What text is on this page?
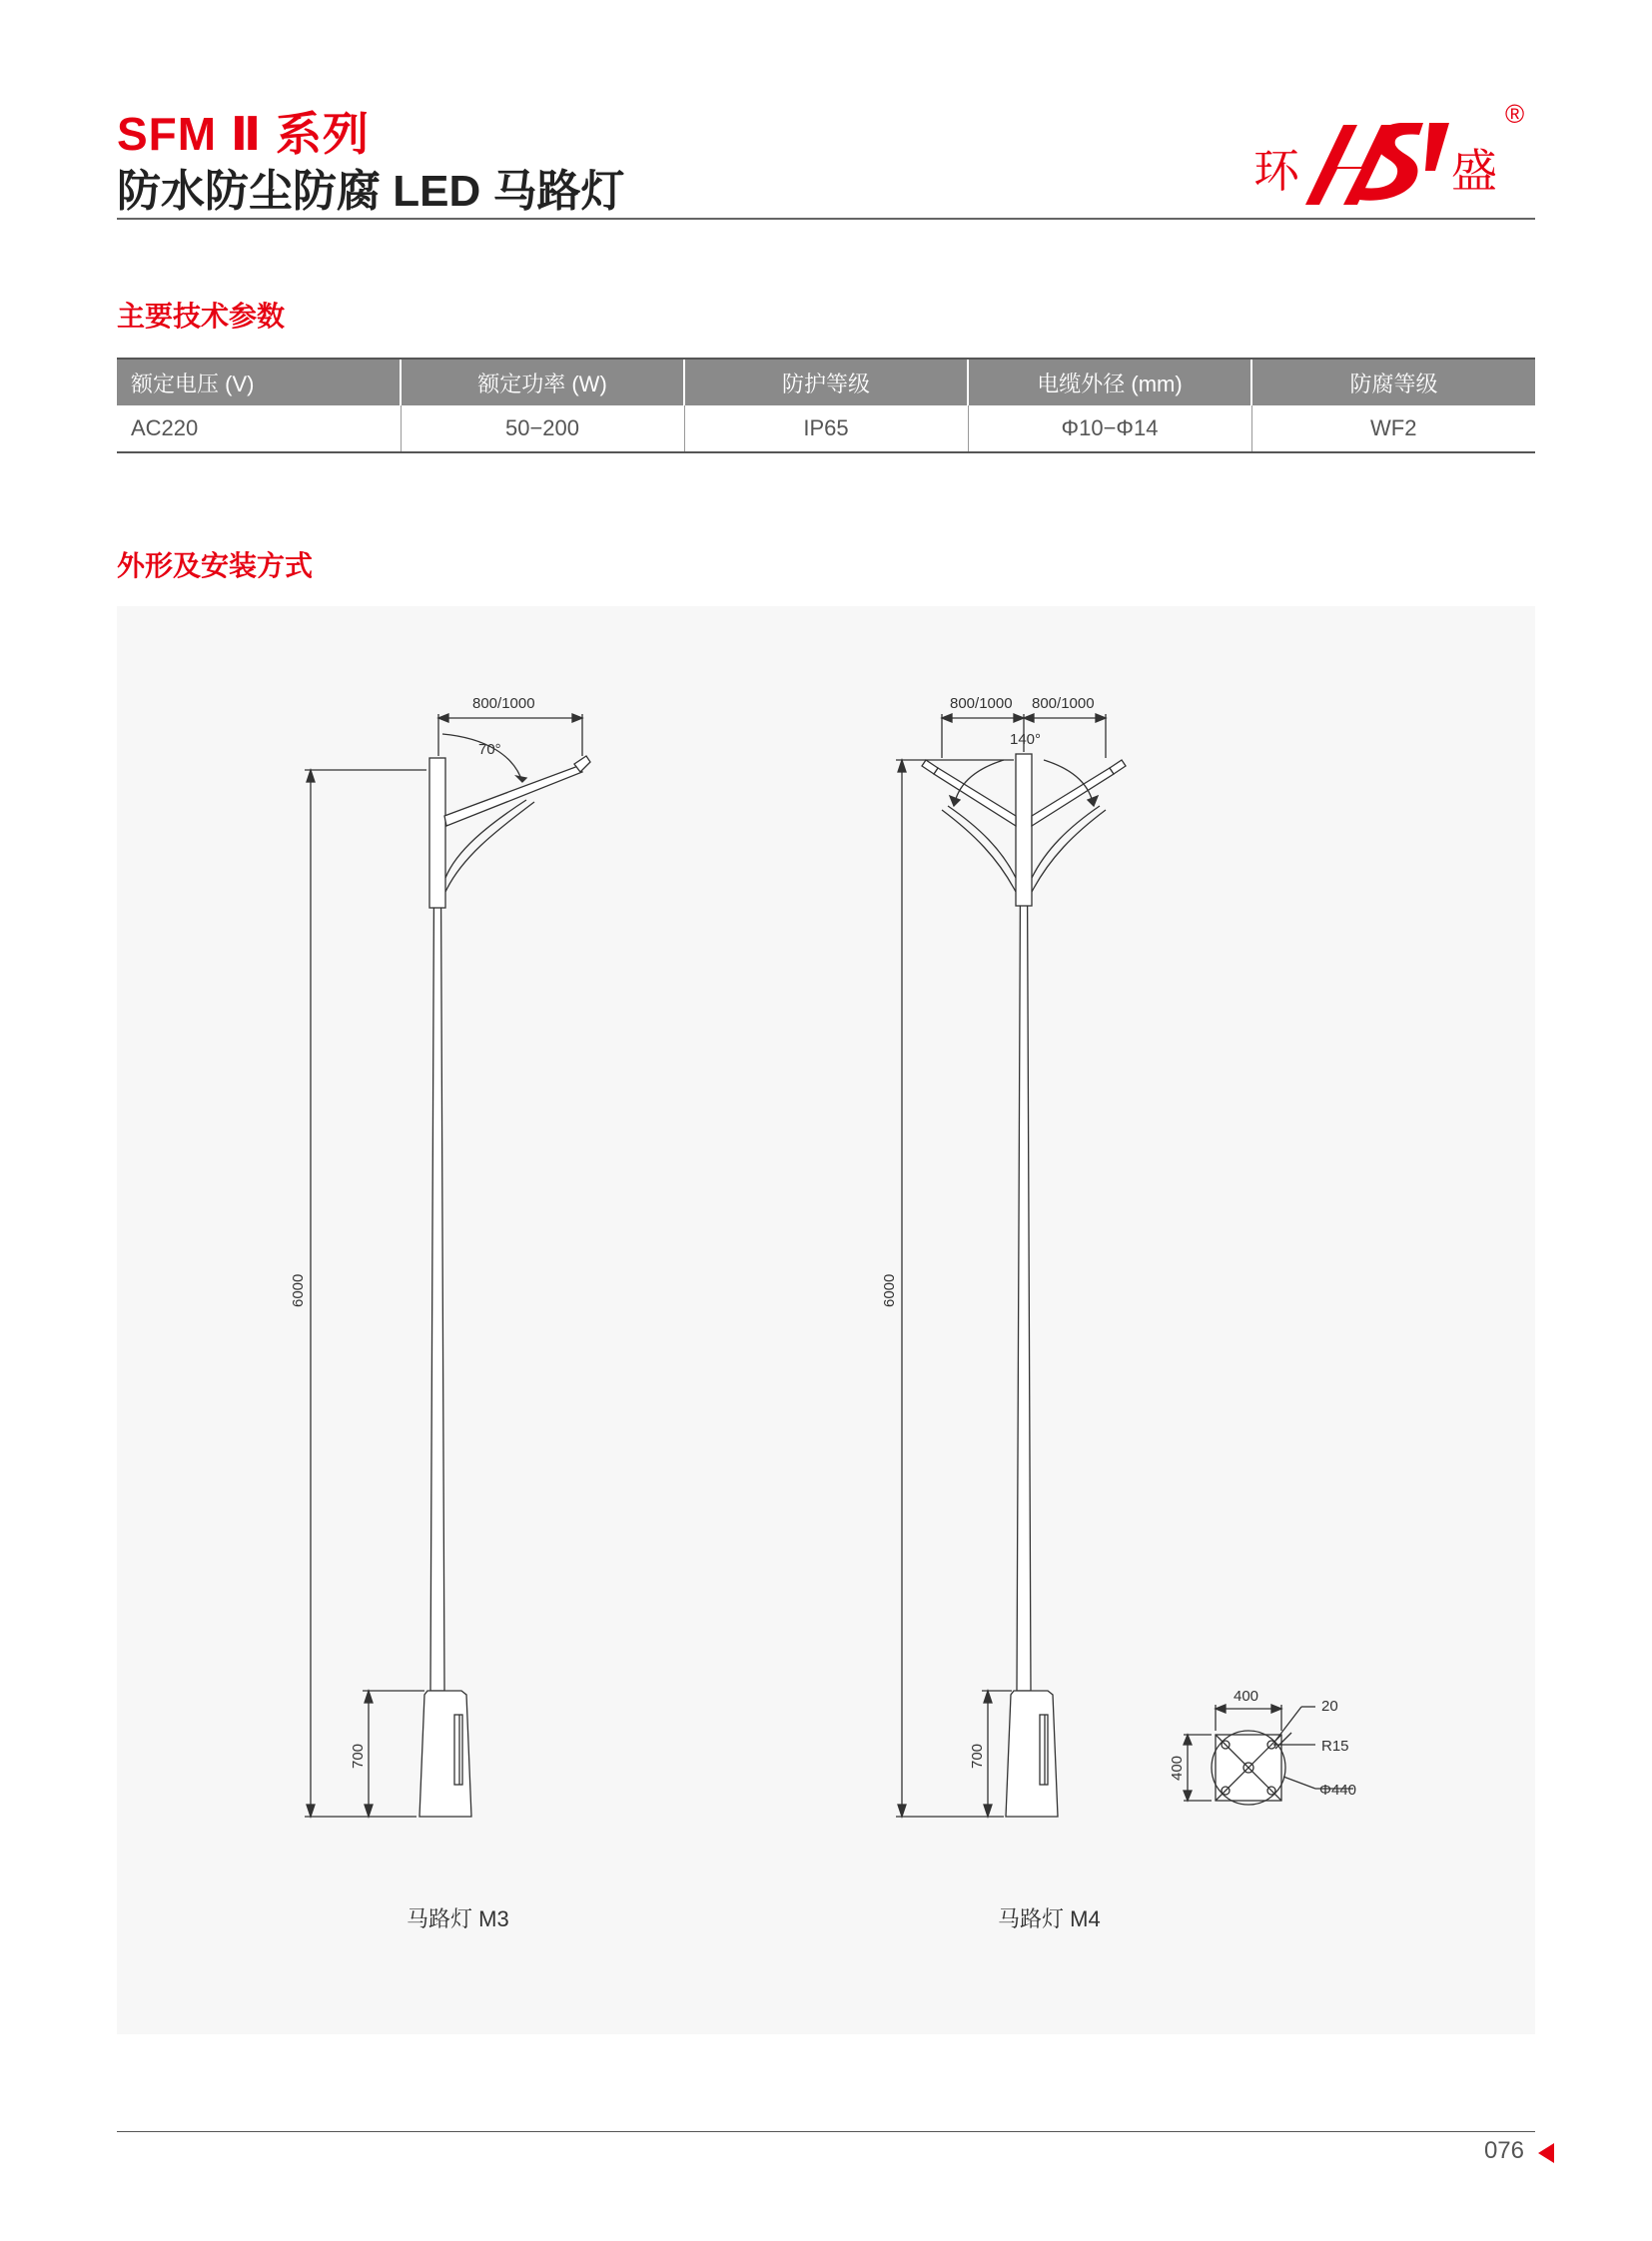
SFM Ⅱ 系列
防水防尘防腐 LED 马路灯	环	盛
®
主要技术参数
额定电压 (V)	额定功率 (W)	防护等级	电缆外径 (mm)	防腐等级
AC220	50−200	IP65	Φ10−Φ14	WF2
外形及安装方式
800/1000
70°
6000
700
800/1000 800/1000
140°
6000
700
400
400
20
R15
Φ440
马路灯 M3	马路灯 M4
076
